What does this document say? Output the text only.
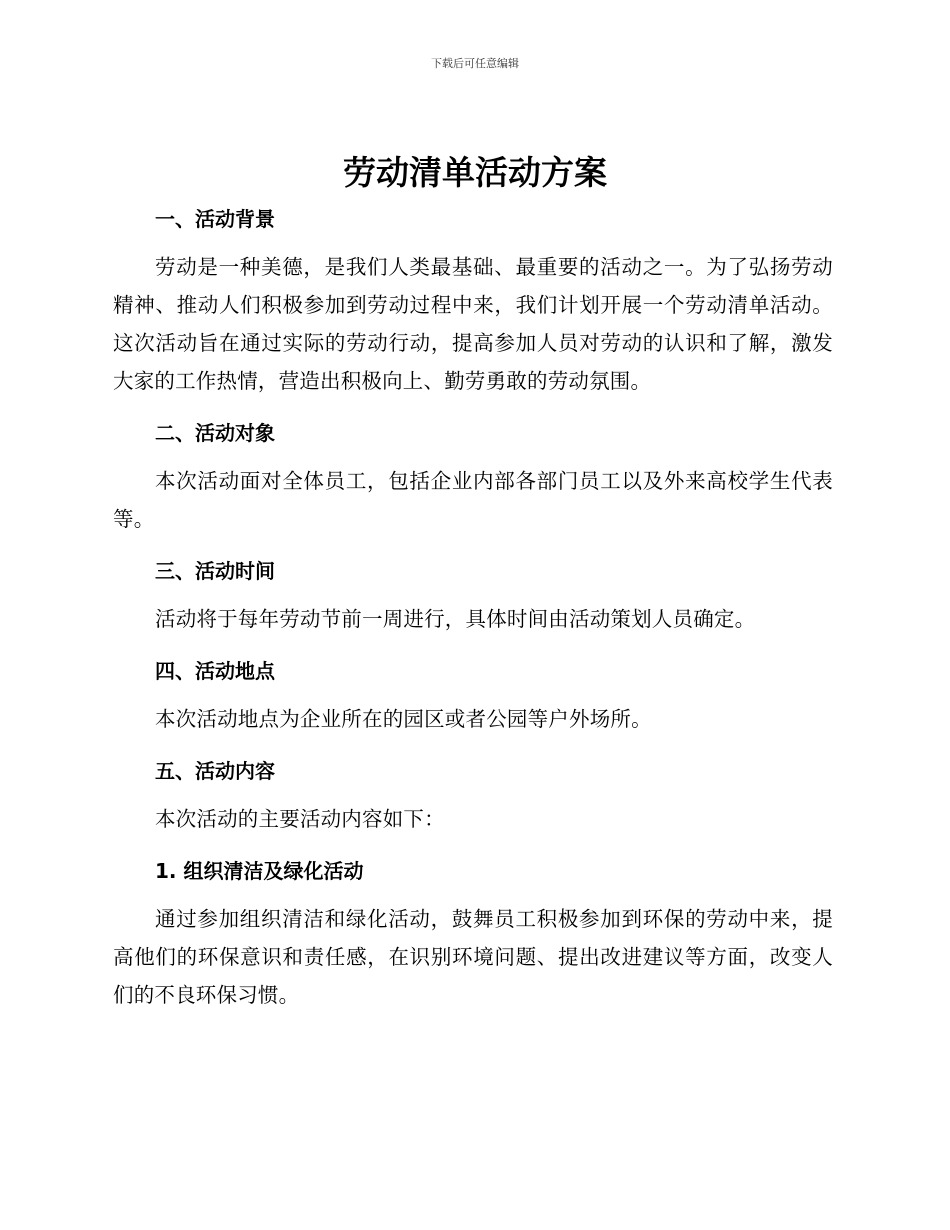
下载后可任意编辑
劳动清单活动方案
一、活动背景

劳动是一种美德，是我们人类最基础、最重要的活动之一。为了弘扬劳动精神、推动人们积极参加到劳动过程中来，我们计划开展一个劳动清单活动。这次活动旨在通过实际的劳动行动，提高参加人员对劳动的认识和了解，激发大家的工作热情，营造出积极向上、勤劳勇敢的劳动氛围。

二、活动对象

本次活动面对全体员工，包括企业内部各部门员工以及外来高校学生代表等。

三、活动时间

活动将于每年劳动节前一周进行，具体时间由活动策划人员确定。

四、活动地点

本次活动地点为企业所在的园区或者公园等户外场所。

五、活动内容

本次活动的主要活动内容如下：

1. 组织清洁及绿化活动

通过参加组织清洁和绿化活动，鼓舞员工积极参加到环保的劳动中来，提高他们的环保意识和责任感，在识别环境问题、提出改进建议等方面，改变人们的不良环保习惯。
